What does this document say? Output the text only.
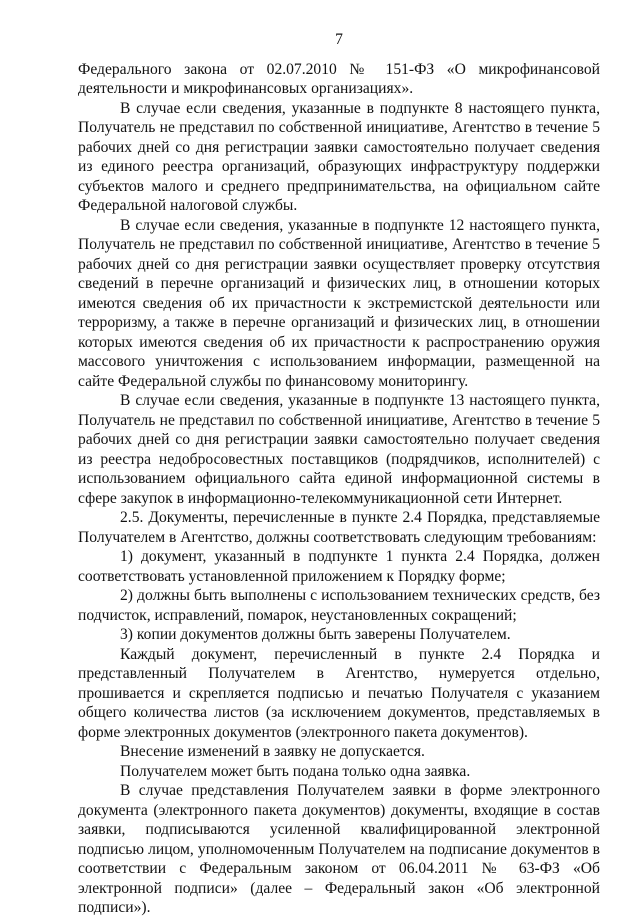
7

Федерального закона от 02.07.2010 № 151-ФЗ «О микрофинансовой деятельности и микрофинансовых организациях».

В случае если сведения, указанные в подпункте 8 настоящего пункта, Получатель не представил по собственной инициативе, Агентство в течение 5 рабочих дней со дня регистрации заявки самостоятельно получает сведения из единого реестра организаций, образующих инфраструктуру поддержки субъектов малого и среднего предпринимательства, на официальном сайте Федеральной налоговой службы.

В случае если сведения, указанные в подпункте 12 настоящего пункта, Получатель не представил по собственной инициативе, Агентство в течение 5 рабочих дней со дня регистрации заявки осуществляет проверку отсутствия сведений в перечне организаций и физических лиц, в отношении которых имеются сведения об их причастности к экстремистской деятельности или терроризму, а также в перечне организаций и физических лиц, в отношении которых имеются сведения об их причастности к распространению оружия массового уничтожения с использованием информации, размещенной на сайте Федеральной службы по финансовому мониторингу.

В случае если сведения, указанные в подпункте 13 настоящего пункта, Получатель не представил по собственной инициативе, Агентство в течение 5 рабочих дней со дня регистрации заявки самостоятельно получает сведения из реестра недобросовестных поставщиков (подрядчиков, исполнителей) с использованием официального сайта единой информационной системы в сфере закупок в информационно-телекоммуникационной сети Интернет.

2.5. Документы, перечисленные в пункте 2.4 Порядка, представляемые Получателем в Агентство, должны соответствовать следующим требованиям:

1) документ, указанный в подпункте 1 пункта 2.4 Порядка, должен соответствовать установленной приложением к Порядку форме;

2) должны быть выполнены с использованием технических средств, без подчисток, исправлений, помарок, неустановленных сокращений;

3) копии документов должны быть заверены Получателем.

Каждый документ, перечисленный в пункте 2.4 Порядка и представленный Получателем в Агентство, нумеруется отдельно, прошивается и скрепляется подписью и печатью Получателя с указанием общего количества листов (за исключением документов, представляемых в форме электронных документов (электронного пакета документов).

Внесение изменений в заявку не допускается.

Получателем может быть подана только одна заявка.

В случае представления Получателем заявки в форме электронного документа (электронного пакета документов) документы, входящие в состав заявки, подписываются усиленной квалифицированной электронной подписью лицом, уполномоченным Получателем на подписание документов в соответствии с Федеральным законом от 06.04.2011 № 63-ФЗ «Об электронной подписи» (далее – Федеральный закон «Об электронной подписи»).
